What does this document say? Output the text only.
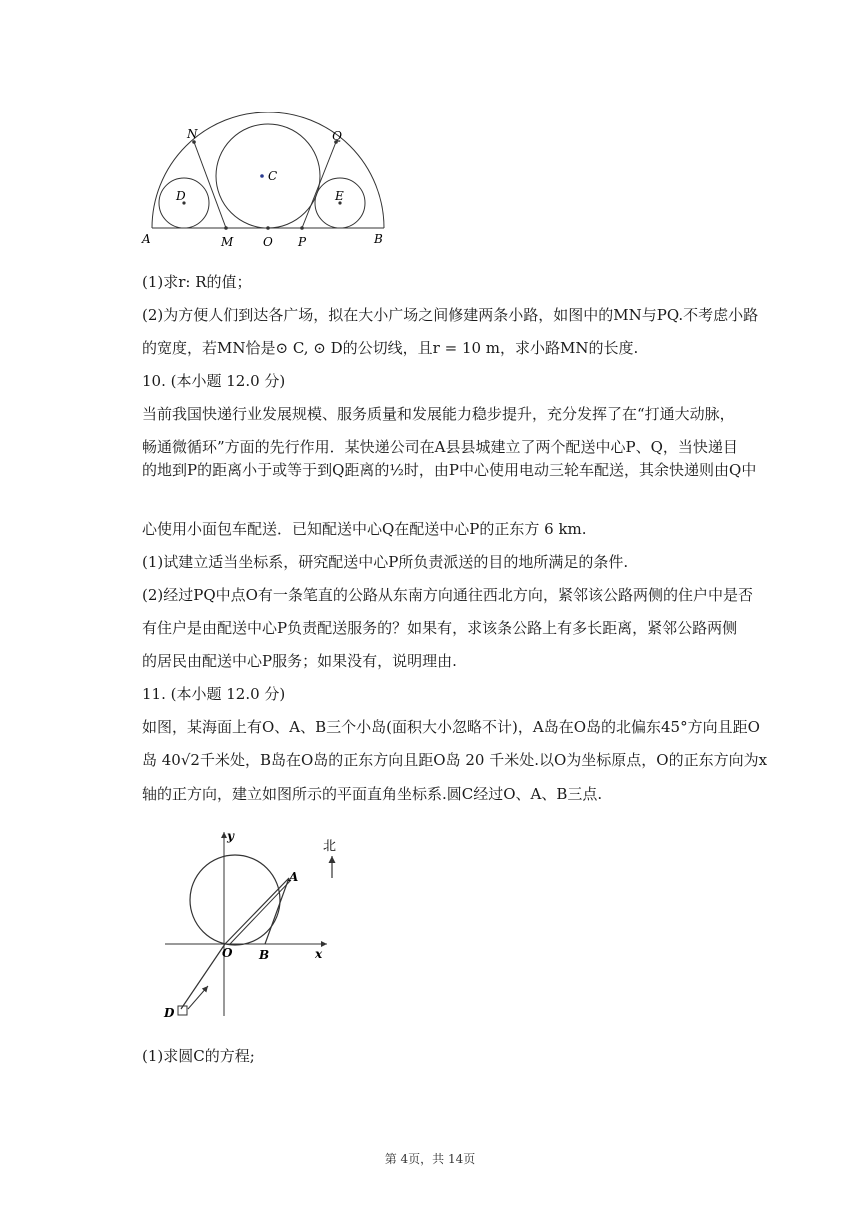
N	Q
C
D	E
A	M O P	B
(1)求r: R的值；
(2)为方便人们到达各广场，拟在大小广场之间修建两条小路，如图中的MN与PQ.不考虑小路
的宽度，若MN恰是⊙ C, ⊙ D的公切线，且r = 10 m，求小路MN的长度.
10. (本小题 12.0 分)
当前我国快递行业发展规模、服务质量和发展能力稳步提升，充分发挥了在“打通大动脉，
畅通微循环”方面的先行作用．某快递公司在A县县城建立了两个配送中心P、Q，当快递目
的地到P的距离小于或等于到Q距离的½时，由P中心使用电动三轮车配送，其余快递则由Q中
心使用小面包车配送．已知配送中心Q在配送中心P的正东方 6 km.
(1)试建立适当坐标系，研究配送中心P所负责派送的目的地所满足的条件.
(2)经过PQ中点O有一条笔直的公路从东南方向通往西北方向，紧邻该公路两侧的住户中是否
有住户是由配送中心P负责配送服务的？如果有，求该条公路上有多长距离，紧邻公路两侧
的居民由配送中心P服务；如果没有，说明理由.
11. (本小题 12.0 分)
如图，某海面上有O、A、B三个小岛(面积大小忽略不计)，A岛在O岛的北偏东45°方向且距O
岛 40√2千米处，B岛在O岛的正东方向且距O岛 20 千米处.以O为坐标原点，O的正东方向为x
轴的正方向，建立如图所示的平面直角坐标系.圆C经过O、A、B三点.
y
北
A
O B	x
D
(1)求圆C的方程;
第 4页，共 14页
